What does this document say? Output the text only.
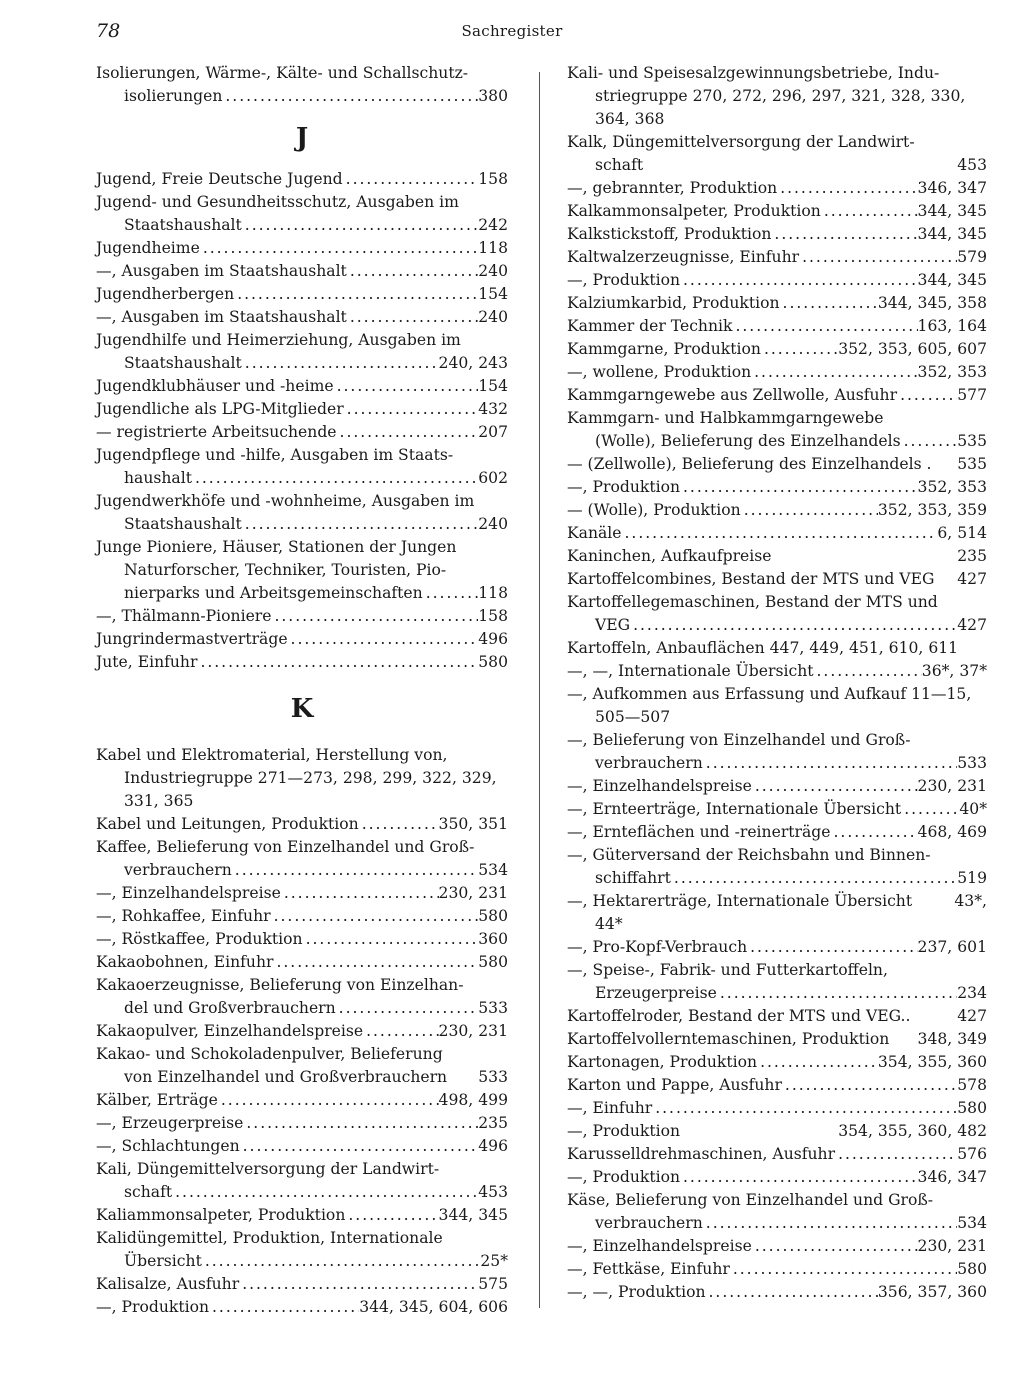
78	Sachregister
Isolierungen, Wärme-, Kälte- und Schallschutz-
isolierungen . . .	380
J
Jugend, Freie Deutsche Jugend . . .	158
Jugend- und Gesundheitsschutz, Ausgaben im
Staatshaushalt . . .	242
Jugendheime . . .	118
—, Ausgaben im Staatshaushalt . . .	240
Jugendherbergen . . .	154
—, Ausgaben im Staatshaushalt . . .	240
Jugendhilfe und Heimerziehung, Ausgaben im
Staatshaushalt . . .	240, 243
Jugendklubhäuser und -heime . . .	154
Jugendliche als LPG-Mitglieder . . .	432
— registrierte Arbeitsuchende . . .	207
Jugendpflege und -hilfe, Ausgaben im Staats-
haushalt . . .	602
Jugendwerkhöfe und -wohnheime, Ausgaben im
Staatshaushalt . . .	240
Junge Pioniere, Häuser, Stationen der Jungen
Naturforscher, Techniker, Touristen, Pio-
nierparks und Arbeitsgemeinschaften . . .	118
—, Thälmann-Pioniere . . .	158
Jungrindermastverträge . . .	496
Jute, Einfuhr . . .	580
K
Kabel und Elektromaterial, Herstellung von,
Industriegruppe 271—273, 298, 299, 322, 329,
331, 365
Kabel und Leitungen, Produktion . . .	350, 351
Kaffee, Belieferung von Einzelhandel und Groß-
verbrauchern . . .	534
—, Einzelhandelspreise . . .	230, 231
—, Rohkaffee, Einfuhr . . .	580
—, Röstkaffee, Produktion . . .	360
Kakaobohnen, Einfuhr . . .	580
Kakaoerzeugnisse, Belieferung von Einzelhan-
del und Großverbrauchern . . .	533
Kakaopulver, Einzelhandelspreise . . .	230, 231
Kakao- und Schokoladenpulver, Belieferung
von Einzelhandel und Großverbrauchern 533
Kälber, Erträge . . .	498, 499
—, Erzeugerpreise . . .	235
—, Schlachtungen . . .	496
Kali, Düngemittelversorgung der Landwirt-
schaft . . .	453
Kaliammonsalpeter, Produktion . . .	344, 345
Kalidüngemittel, Produktion, Internationale
Übersicht . . .	25*
Kalisalze, Ausfuhr . . .	575
—, Produktion . . .	344, 345, 604, 606
Kali- und Speisesalzgewinnungsbetriebe, Indu-
striegruppe 270, 272, 296, 297, 321, 328, 330,
364, 368
Kalk, Düngemittelversorgung der Landwirt-
schaft	453
—, gebrannter, Produktion . . .	346, 347
Kalkammonsalpeter, Produktion . . .	344, 345
Kalkstickstoff, Produktion . . .	344, 345
Kaltwalzerzeugnisse, Einfuhr . . .	579
—, Produktion . . .	344, 345
Kalziumkarbid, Produktion . . .	344, 345, 358
Kammer der Technik . . .	163, 164
Kammgarne, Produktion . . .	352, 353, 605, 607
—, wollene, Produktion . . .	352, 353
Kammgarngewebe aus Zellwolle, Ausfuhr . . .	577
Kammgarn- und Halbkammgarngewebe
(Wolle), Belieferung des Einzelhandels . . .	535
— (Zellwolle), Belieferung des Einzelhandels . 535
—, Produktion . . .	352, 353
— (Wolle), Produktion . . .	352, 353, 359
Kanäle . . .	6, 514
Kaninchen, Aufkaufpreise	235
Kartoffelcombines, Bestand der MTS und VEG 427
Kartoffellegemaschinen, Bestand der MTS und
VEG . . .	427
Kartoffeln, Anbauflächen 447, 449, 451, 610, 611
—, —, Internationale Übersicht . . .	36*, 37*
—, Aufkommen aus Erfassung und Aufkauf 11—15,
505—507
—, Belieferung von Einzelhandel und Groß-
verbrauchern . . .	533
—, Einzelhandelspreise . . .	230, 231
—, Ernteerträge, Internationale Übersicht . . .	40*
—, Ernteflächen und -reinerträge . . .	468, 469
—, Güterversand der Reichsbahn und Binnen-
schiffahrt . . .	519
—, Hektarerträge, Internationale Übersicht	43*,
44*
—, Pro-Kopf-Verbrauch . . .	237, 601
—, Speise-, Fabrik- und Futterkartoffeln,
Erzeugerpreise . . .	234
Kartoffelroder, Bestand der MTS und VEG..	427
Kartoffelvollerntemaschinen, Produktion 348, 349
Kartonagen, Produktion . . .	354, 355, 360
Karton und Pappe, Ausfuhr . . .	578
—, Einfuhr . . .	580
—, Produktion	354, 355, 360, 482
Karusselldrehmaschinen, Ausfuhr . . .	576
—, Produktion . . .	346, 347
Käse, Belieferung von Einzelhandel und Groß-
verbrauchern . . .	534
—, Einzelhandelspreise . . .	230, 231
—, Fettkäse, Einfuhr . . .	580
—, —, Produktion . . .	356, 357, 360
